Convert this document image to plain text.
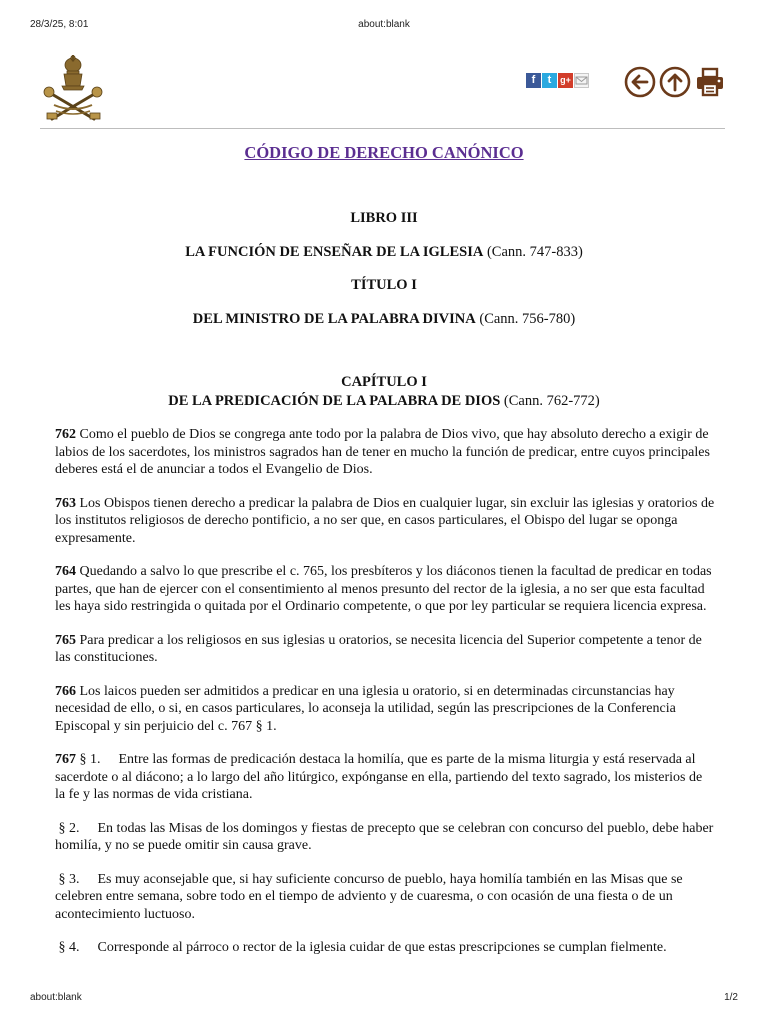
28/3/25, 8:01	about:blank
f	t g+
CÓDIGO DE DERECHO CANÓNICO
LIBRO III
LA FUNCIÓN DE ENSEÑAR DE LA IGLESIA (Cann. 747-833)
TÍTULO I
DEL MINISTRO DE LA PALABRA DIVINA (Cann. 756-780)
CAPÍTULO I
DE LA PREDICACIÓN DE LA PALABRA DE DIOS (Cann. 762-772)

762 Como el pueblo de Dios se congrega ante todo por la palabra de Dios vivo, que hay absoluto derecho a exigir de labios de los sacerdotes, los ministros sagrados han de tener en mucho la función de predicar, entre cuyos principales deberes está el de anunciar a todos el Evangelio de Dios.

763 Los Obispos tienen derecho a predicar la palabra de Dios en cualquier lugar, sin excluir las iglesias y oratorios de los institutos religiosos de derecho pontificio, a no ser que, en casos particulares, el Obispo del lugar se oponga expresamente.

764 Quedando a salvo lo que prescribe el c. 765, los presbíteros y los diáconos tienen la facultad de predicar en todas partes, que han de ejercer con el consentimiento al menos presunto del rector de la iglesia, a no ser que esta facultad les haya sido restringida o quitada por el Ordinario competente, o que por ley particular se requiera licencia expresa.

765 Para predicar a los religiosos en sus iglesias u oratorios, se necesita licencia del Superior competente a tenor de las constituciones.

766 Los laicos pueden ser admitidos a predicar en una iglesia u oratorio, si en determinadas circunstancias hay necesidad de ello, o si, en casos particulares, lo aconseja la utilidad, según las prescripciones de la Conferencia Episcopal y sin perjuicio del c. 767 § 1.

767 § 1. Entre las formas de predicación destaca la homilía, que es parte de la misma liturgia y está reservada al sacerdote o al diácono; a lo largo del año litúrgico, expónganse en ella, partiendo del texto sagrado, los misterios de la fe y las normas de vida cristiana.

§ 2. En todas las Misas de los domingos y fiestas de precepto que se celebran con concurso del pueblo, debe haber homilía, y no se puede omitir sin causa grave.

§ 3. Es muy aconsejable que, si hay suficiente concurso de pueblo, haya homilía también en las Misas que se celebren entre semana, sobre todo en el tiempo de adviento y de cuaresma, o con ocasión de una fiesta o de un acontecimiento luctuoso.

§ 4. Corresponde al párroco o rector de la iglesia cuidar de que estas prescripciones se cumplan fielmente.

about:blank	1/2
